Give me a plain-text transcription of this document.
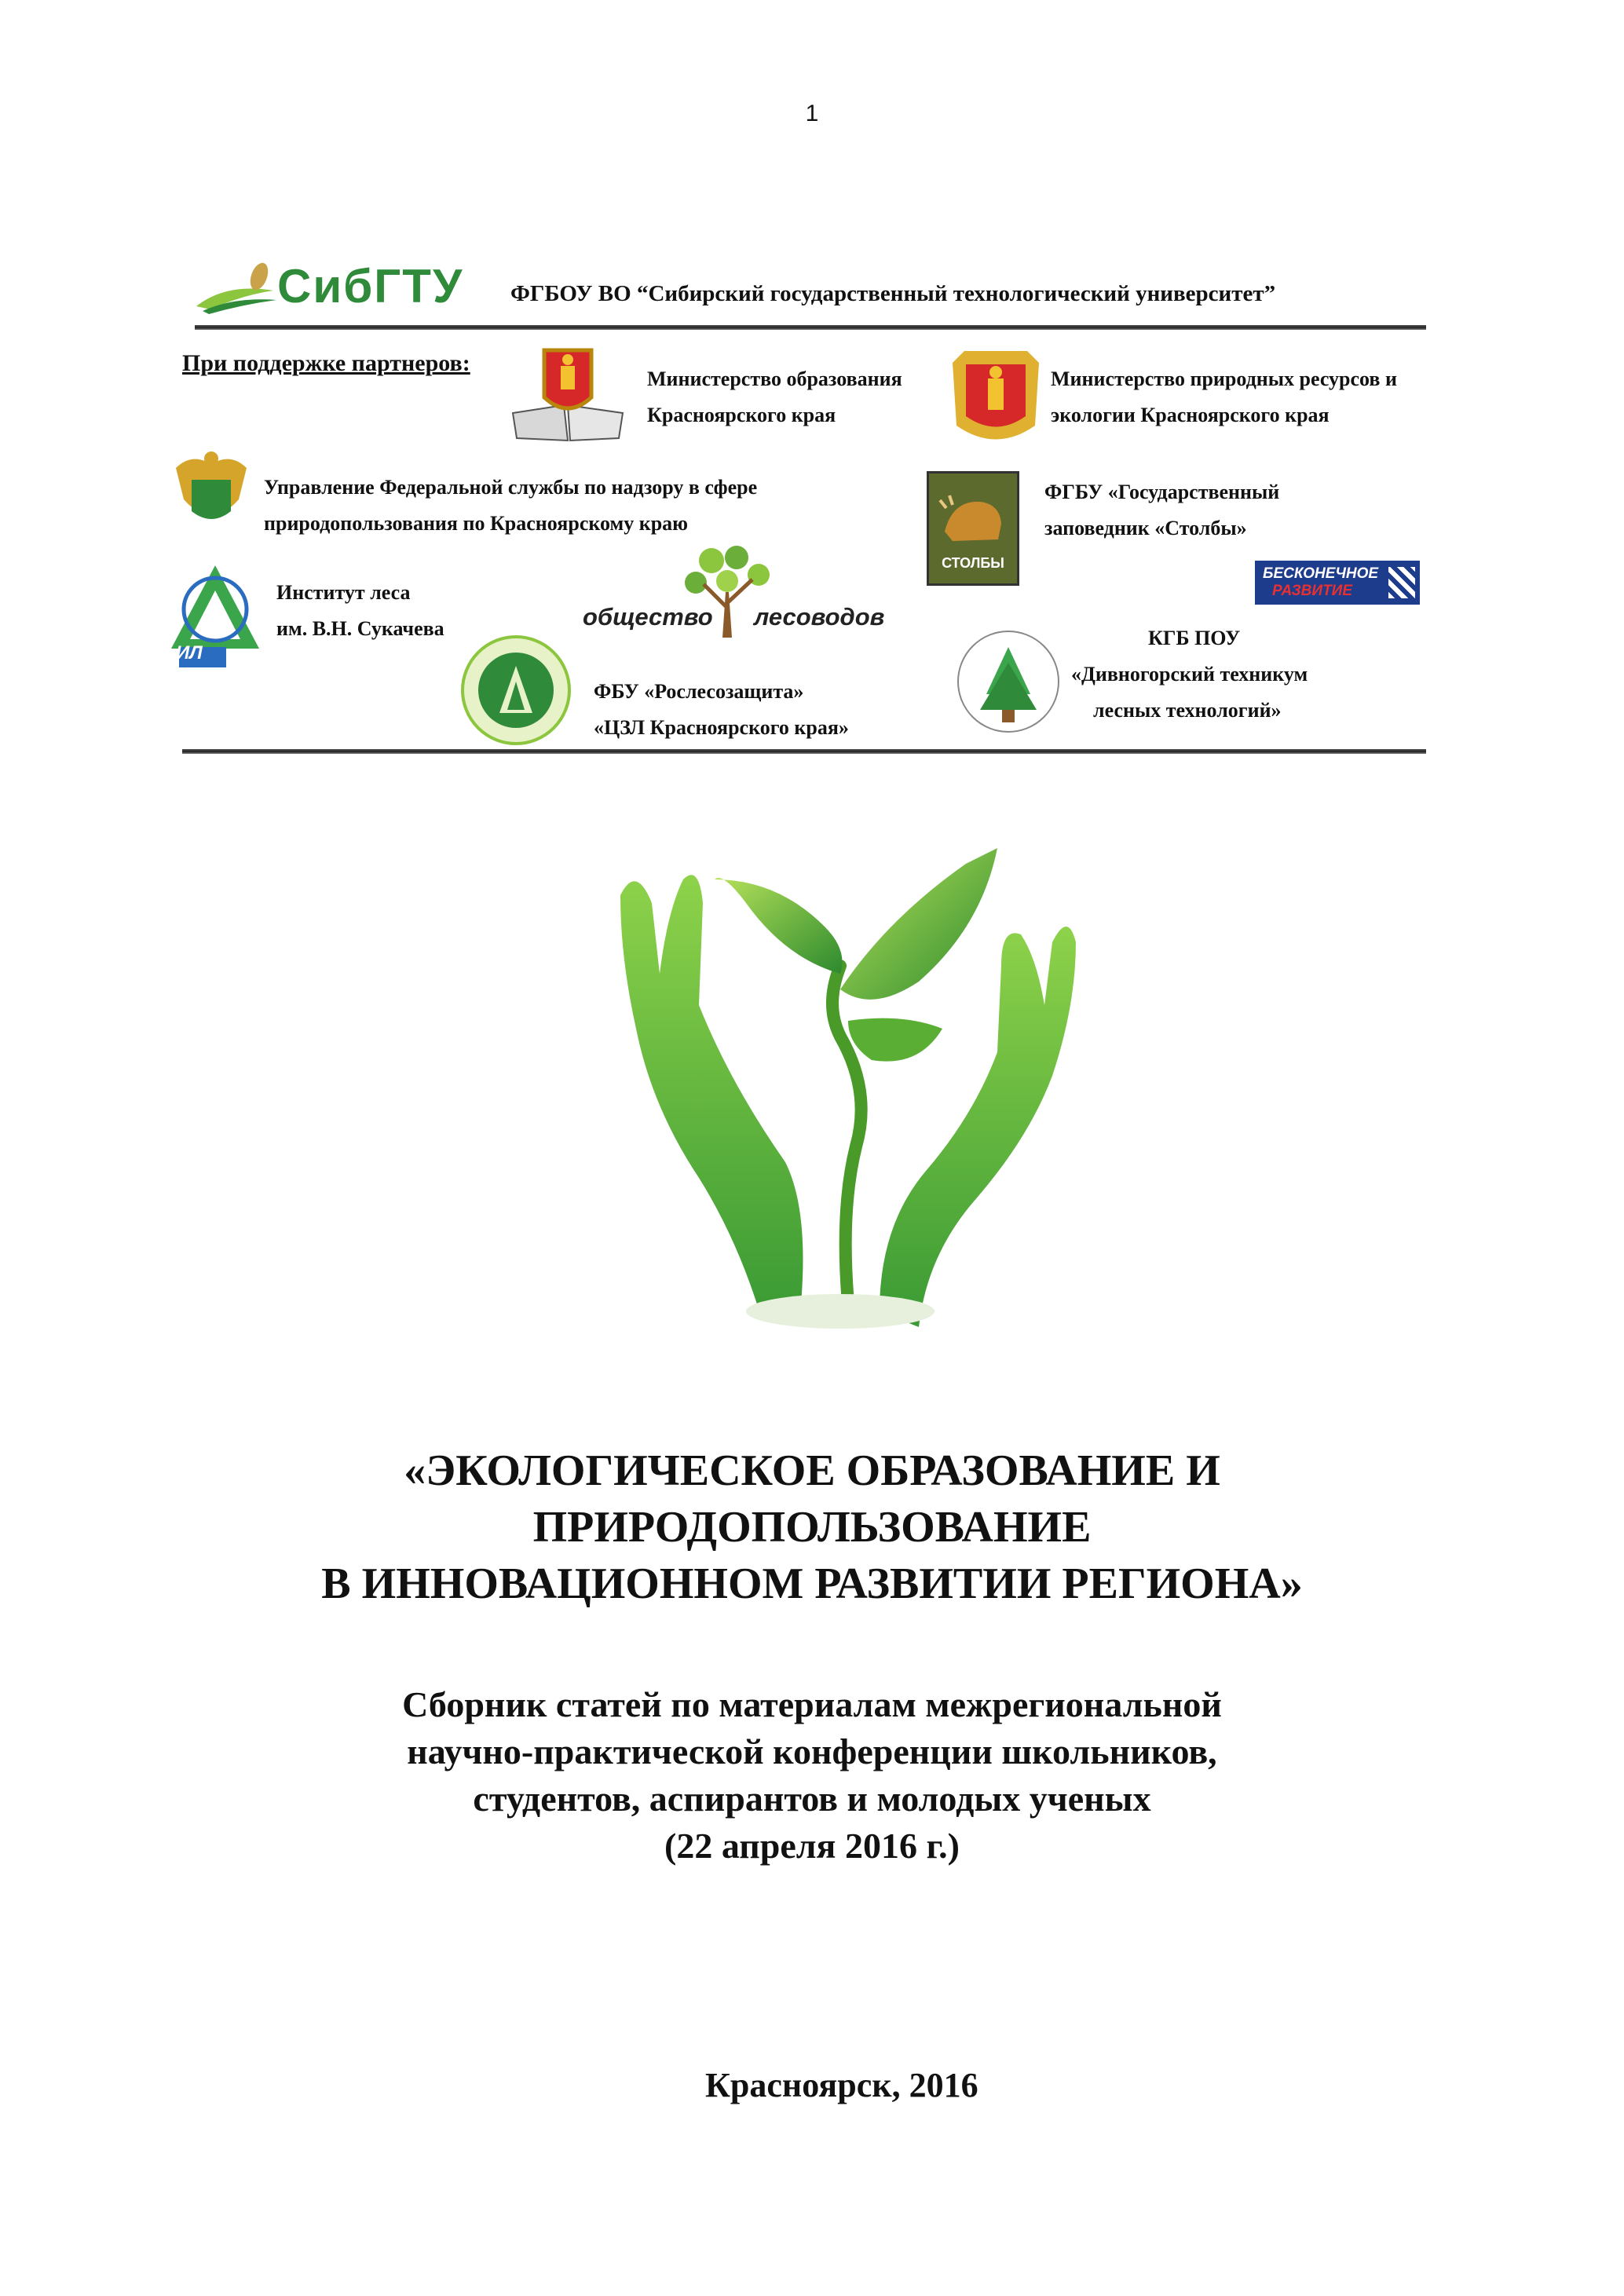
1
СибГТУ ФГБОУ ВО “Сибирский государственный технологический университет”
При поддержке партнеров:
Министерство образования
Красноярского края
Министерство природных ресурсов и
экологии Красноярского края
Управление Федеральной службы по надзору в сфере
природопользования по Красноярскому краю
СТОЛБЫ
ФГБУ «Государственный
заповедник «Столбы»
БЕСКОНЕЧНОЕ
РАЗВИТИЕ
ИЛ
Институт леса
им. В.Н. Сукачева	общество лесоводов
КГБ ПОУ
«Дивногорский техникум
лесных технологий»
ФБУ «Рослесозащита»
«ЦЗЛ Красноярского края»
«ЭКОЛОГИЧЕСКОЕ ОБРАЗОВАНИЕ И
ПРИРОДОПОЛЬЗОВАНИЕ
В ИННОВАЦИОННОМ РАЗВИТИИ РЕГИОНА»
Сборник статей по материалам межрегиональной
научно-практической конференции школьников,
студентов, аспирантов и молодых ученых
(22 апреля 2016 г.)
Красноярск, 2016
